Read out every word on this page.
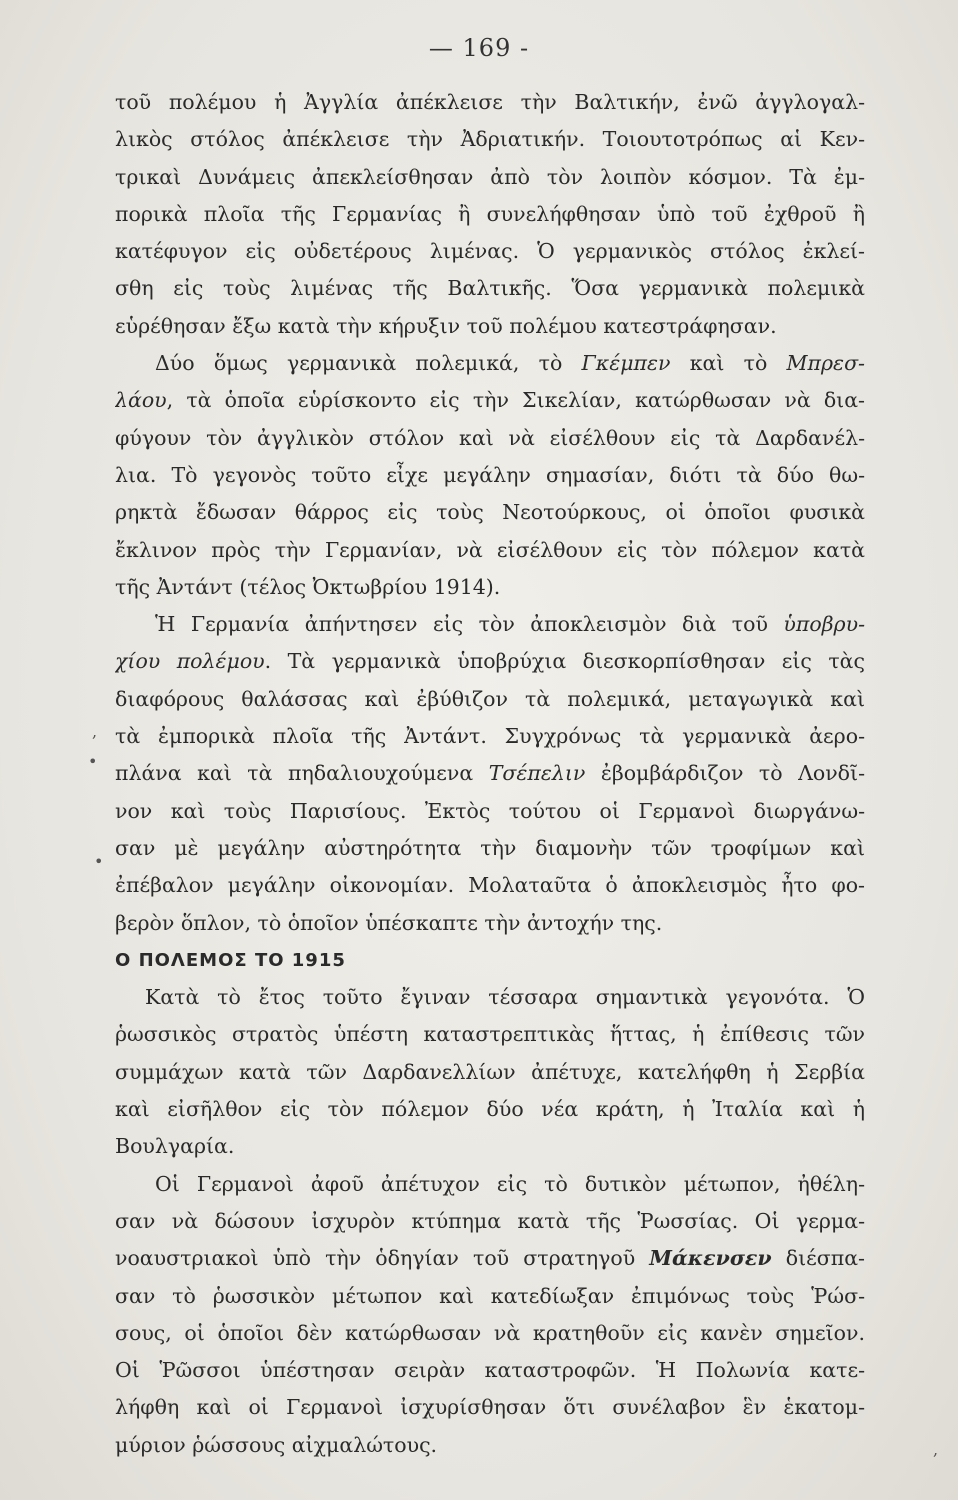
— 169 -
τοῦ πολέμου ἡ Ἀγγλία ἀπέκλεισε τὴν Βαλτικήν, ἐνῶ ἀγγλογαλ-
λικὸς στόλος ἀπέκλεισε τὴν Ἀδριατικήν. Τοιουτοτρόπως αἱ Κεν-
τρικαὶ Δυνάμεις ἀπεκλείσθησαν ἀπὸ τὸν λοιπὸν κόσμον. Τὰ ἐμ-
πορικὰ πλοῖα τῆς Γερμανίας ἢ συνελήφθησαν ὑπὸ τοῦ ἐχθροῦ ἢ
κατέφυγον εἰς οὐδετέρους λιμένας. Ὁ γερμανικὸς στόλος ἐκλεί-
σθη εἰς τοὺς λιμένας τῆς Βαλτικῆς. Ὅσα γερμανικὰ πολεμικὰ
εὑρέθησαν ἔξω κατὰ τὴν κήρυξιν τοῦ πολέμου κατεστράφησαν.
Δύο ὅμως γερμανικὰ πολεμικά, τὸ Γκέμπεν καὶ τὸ Μπρεσ-
λάου, τὰ ὁποῖα εὑρίσκοντο εἰς τὴν Σικελίαν, κατώρθωσαν νὰ δια-
φύγουν τὸν ἀγγλικὸν στόλον καὶ νὰ εἰσέλθουν εἰς τὰ Δαρδανέλ-
λια. Τὸ γεγονὸς τοῦτο εἶχε μεγάλην σημασίαν, διότι τὰ δύο θω-
ρηκτὰ ἔδωσαν θάρρος εἰς τοὺς Νεοτούρκους, οἱ ὁποῖοι φυσικὰ
ἔκλινον πρὸς τὴν Γερμανίαν, νὰ εἰσέλθουν εἰς τὸν πόλεμον κατὰ
τῆς Ἀντάντ (τέλος Ὀκτωβρίου 1914).
Ἡ Γερμανία ἀπήντησεν εἰς τὸν ἀποκλεισμὸν διὰ τοῦ ὑποβρυ-
χίου πολέμου. Τὰ γερμανικὰ ὑποβρύχια διεσκορπίσθησαν εἰς τὰς
διαφόρους θαλάσσας καὶ ἐβύθιζον τὰ πολεμικά, μεταγωγικὰ καὶ
τὰ ἐμπορικὰ πλοῖα τῆς Ἀντάντ. Συγχρόνως τὰ γερμανικὰ ἀερο-
πλάνα καὶ τὰ πηδαλιουχούμενα Τσέπελιν ἐβομβάρδιζον τὸ Λονδῖ-
νον καὶ τοὺς Παρισίους. Ἐκτὸς τούτου οἱ Γερμανοὶ διωργάνω-
σαν μὲ μεγάλην αὐστηρότητα τὴν διαμονὴν τῶν τροφίμων καὶ
ἐπέβαλον μεγάλην οἰκονομίαν. Μολαταῦτα ὁ ἀποκλεισμὸς ἦτο φο-
βερὸν ὅπλον, τὸ ὁποῖον ὑπέσκαπτε τὴν ἀντοχήν της.
Ο ΠΟΛΕΜΟΣ ΤΟ 1915
Κατὰ τὸ ἔτος τοῦτο ἔγιναν τέσσαρα σημαντικὰ γεγονότα. Ὁ
ῥωσσικὸς στρατὸς ὑπέστη καταστρεπτικὰς ἥττας, ἡ ἐπίθεσις τῶν
συμμάχων κατὰ τῶν Δαρδανελλίων ἀπέτυχε, κατελήφθη ἡ Σερβία
καὶ εἰσῆλθον εἰς τὸν πόλεμον δύο νέα κράτη, ἡ Ἰταλία καὶ ἡ
Βουλγαρία.
Οἱ Γερμανοὶ ἀφοῦ ἀπέτυχον εἰς τὸ δυτικὸν μέτωπον, ἠθέλη-
σαν νὰ δώσουν ἰσχυρὸν κτύπημα κατὰ τῆς Ῥωσσίας. Οἱ γερμα-
νοαυστριακοὶ ὑπὸ τὴν ὁδηγίαν τοῦ στρατηγοῦ Μάκενσεν διέσπα-
σαν τὸ ῥωσσικὸν μέτωπον καὶ κατεδίωξαν ἐπιμόνως τοὺς Ῥώσ-
σους, οἱ ὁποῖοι δὲν κατώρθωσαν νὰ κρατηθοῦν εἰς κανὲν σημεῖον.
Οἱ Ῥῶσσοι ὑπέστησαν σειρὰν καταστροφῶν. Ἡ Πολωνία κατε-
λήφθη καὶ οἱ Γερμανοὶ ἰσχυρίσθησαν ὅτι συνέλαβον ἓν ἑκατομ-
μύριον ῥώσσους αἰχμαλώτους.
,
•
•
,
